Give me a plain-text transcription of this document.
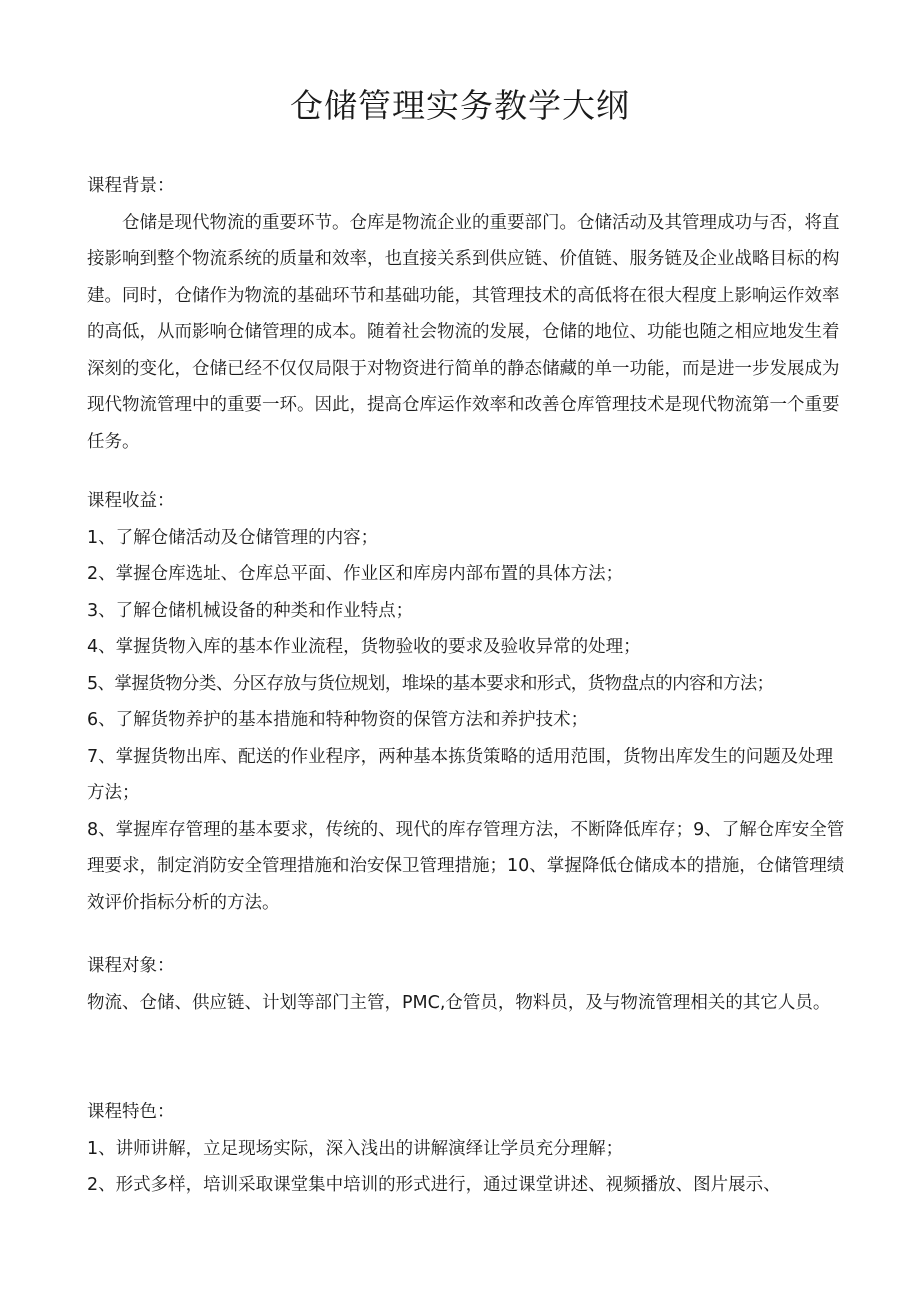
仓储管理实务教学大纲

课程背景：

仓储是现代物流的重要环节。仓库是物流企业的重要部门。仓储活动及其管理成功与否，将直接影响到整个物流系统的质量和效率，也直接关系到供应链、价值链、服务链及企业战略目标的构建。同时，仓储作为物流的基础环节和基础功能，其管理技术的高低将在很大程度上影响运作效率的高低，从而影响仓储管理的成本。随着社会物流的发展，仓储的地位、功能也随之相应地发生着深刻的变化，仓储已经不仅仅局限于对物资进行简单的静态储藏的单一功能，而是进一步发展成为现代物流管理中的重要一环。因此，提高仓库运作效率和改善仓库管理技术是现代物流第一个重要任务。

课程收益：

1、了解仓储活动及仓储管理的内容；

2、掌握仓库选址、仓库总平面、作业区和库房内部布置的具体方法；

3、了解仓储机械设备的种类和作业特点；

4、掌握货物入库的基本作业流程，货物验收的要求及验收异常的处理；

5、掌握货物分类、分区存放与货位规划，堆垛的基本要求和形式，货物盘点的内容和方法；

6、了解货物养护的基本措施和特种物资的保管方法和养护技术；

7、掌握货物出库、配送的作业程序，两种基本拣货策略的适用范围，货物出库发生的问题及处理方法；

8、掌握库存管理的基本要求，传统的、现代的库存管理方法，不断降低库存；9、了解仓库安全管理要求，制定消防安全管理措施和治安保卫管理措施；10、掌握降低仓储成本的措施，仓储管理绩效评价指标分析的方法。

课程对象：

物流、仓储、供应链、计划等部门主管，PMC,仓管员，物料员，及与物流管理相关的其它人员。

课程特色：

1、讲师讲解，立足现场实际，深入浅出的讲解演绎让学员充分理解；

2、形式多样，培训采取课堂集中培训的形式进行，通过课堂讲述、视频播放、图片展示、
